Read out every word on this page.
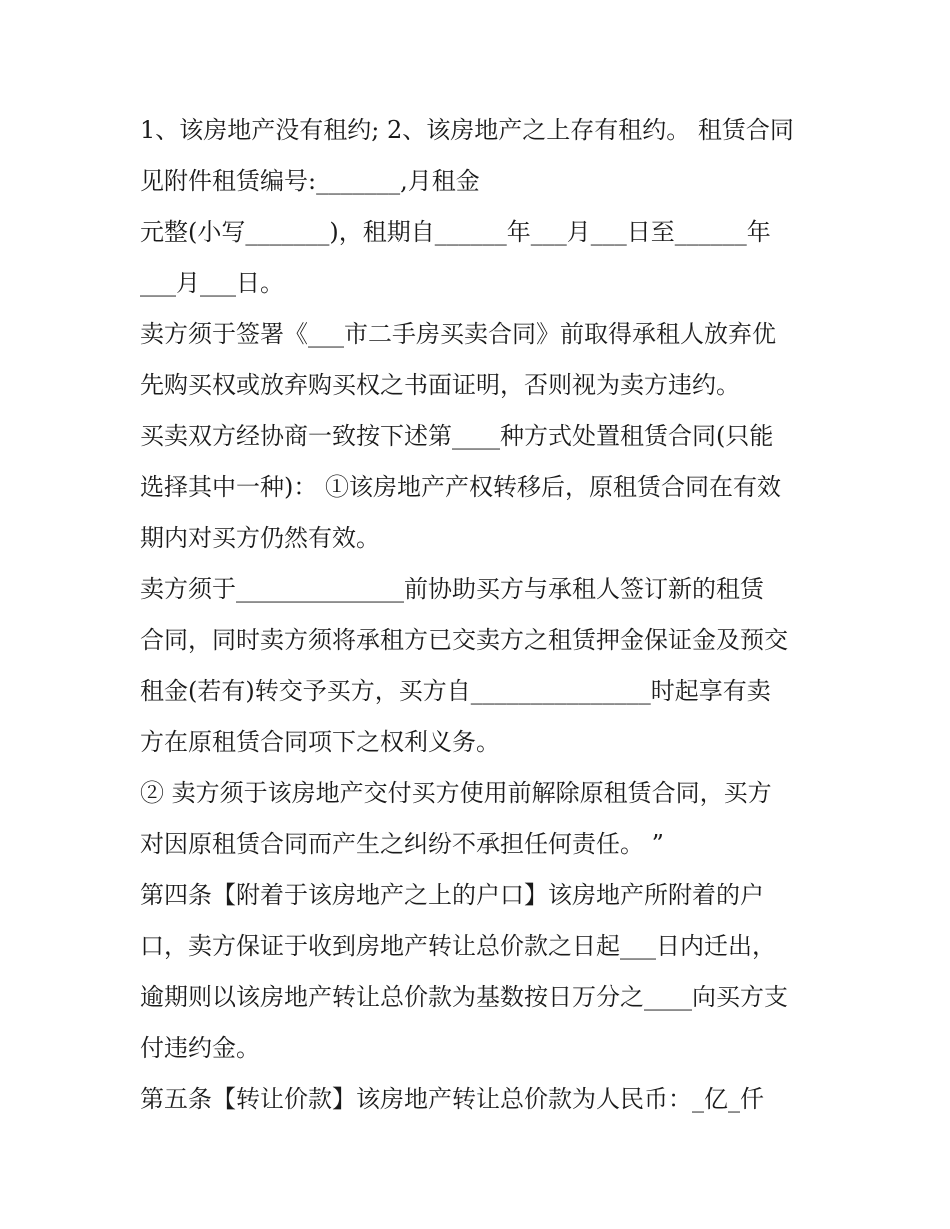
1、该房地产没有租约; 2、该房地产之上存有租约。 租赁合同
见附件租赁编号:_______,月租金
元整(小写_______)，租期自______年___月___日至______年
___月___日。
卖方须于签署《___市二手房买卖合同》前取得承租人放弃优
先购买权或放弃购买权之书面证明，否则视为卖方违约。
买卖双方经协商一致按下述第____种方式处置租赁合同(只能
选择其中一种)： ①该房地产产权转移后，原租赁合同在有效
期内对买方仍然有效。
卖方须于______________前协助买方与承租人签订新的租赁
合同，同时卖方须将承租方已交卖方之租赁押金保证金及预交
租金(若有)转交予买方，买方自_______________时起享有卖
方在原租赁合同项下之权利义务。
② 卖方须于该房地产交付买方使用前解除原租赁合同，买方
对因原租赁合同而产生之纠纷不承担任何责任。 ”
第四条【附着于该房地产之上的户口】该房地产所附着的户
口，卖方保证于收到房地产转让总价款之日起___日内迁出，
逾期则以该房地产转让总价款为基数按日万分之____向买方支
付违约金。
第五条【转让价款】该房地产转让总价款为人民币：_亿_仟
